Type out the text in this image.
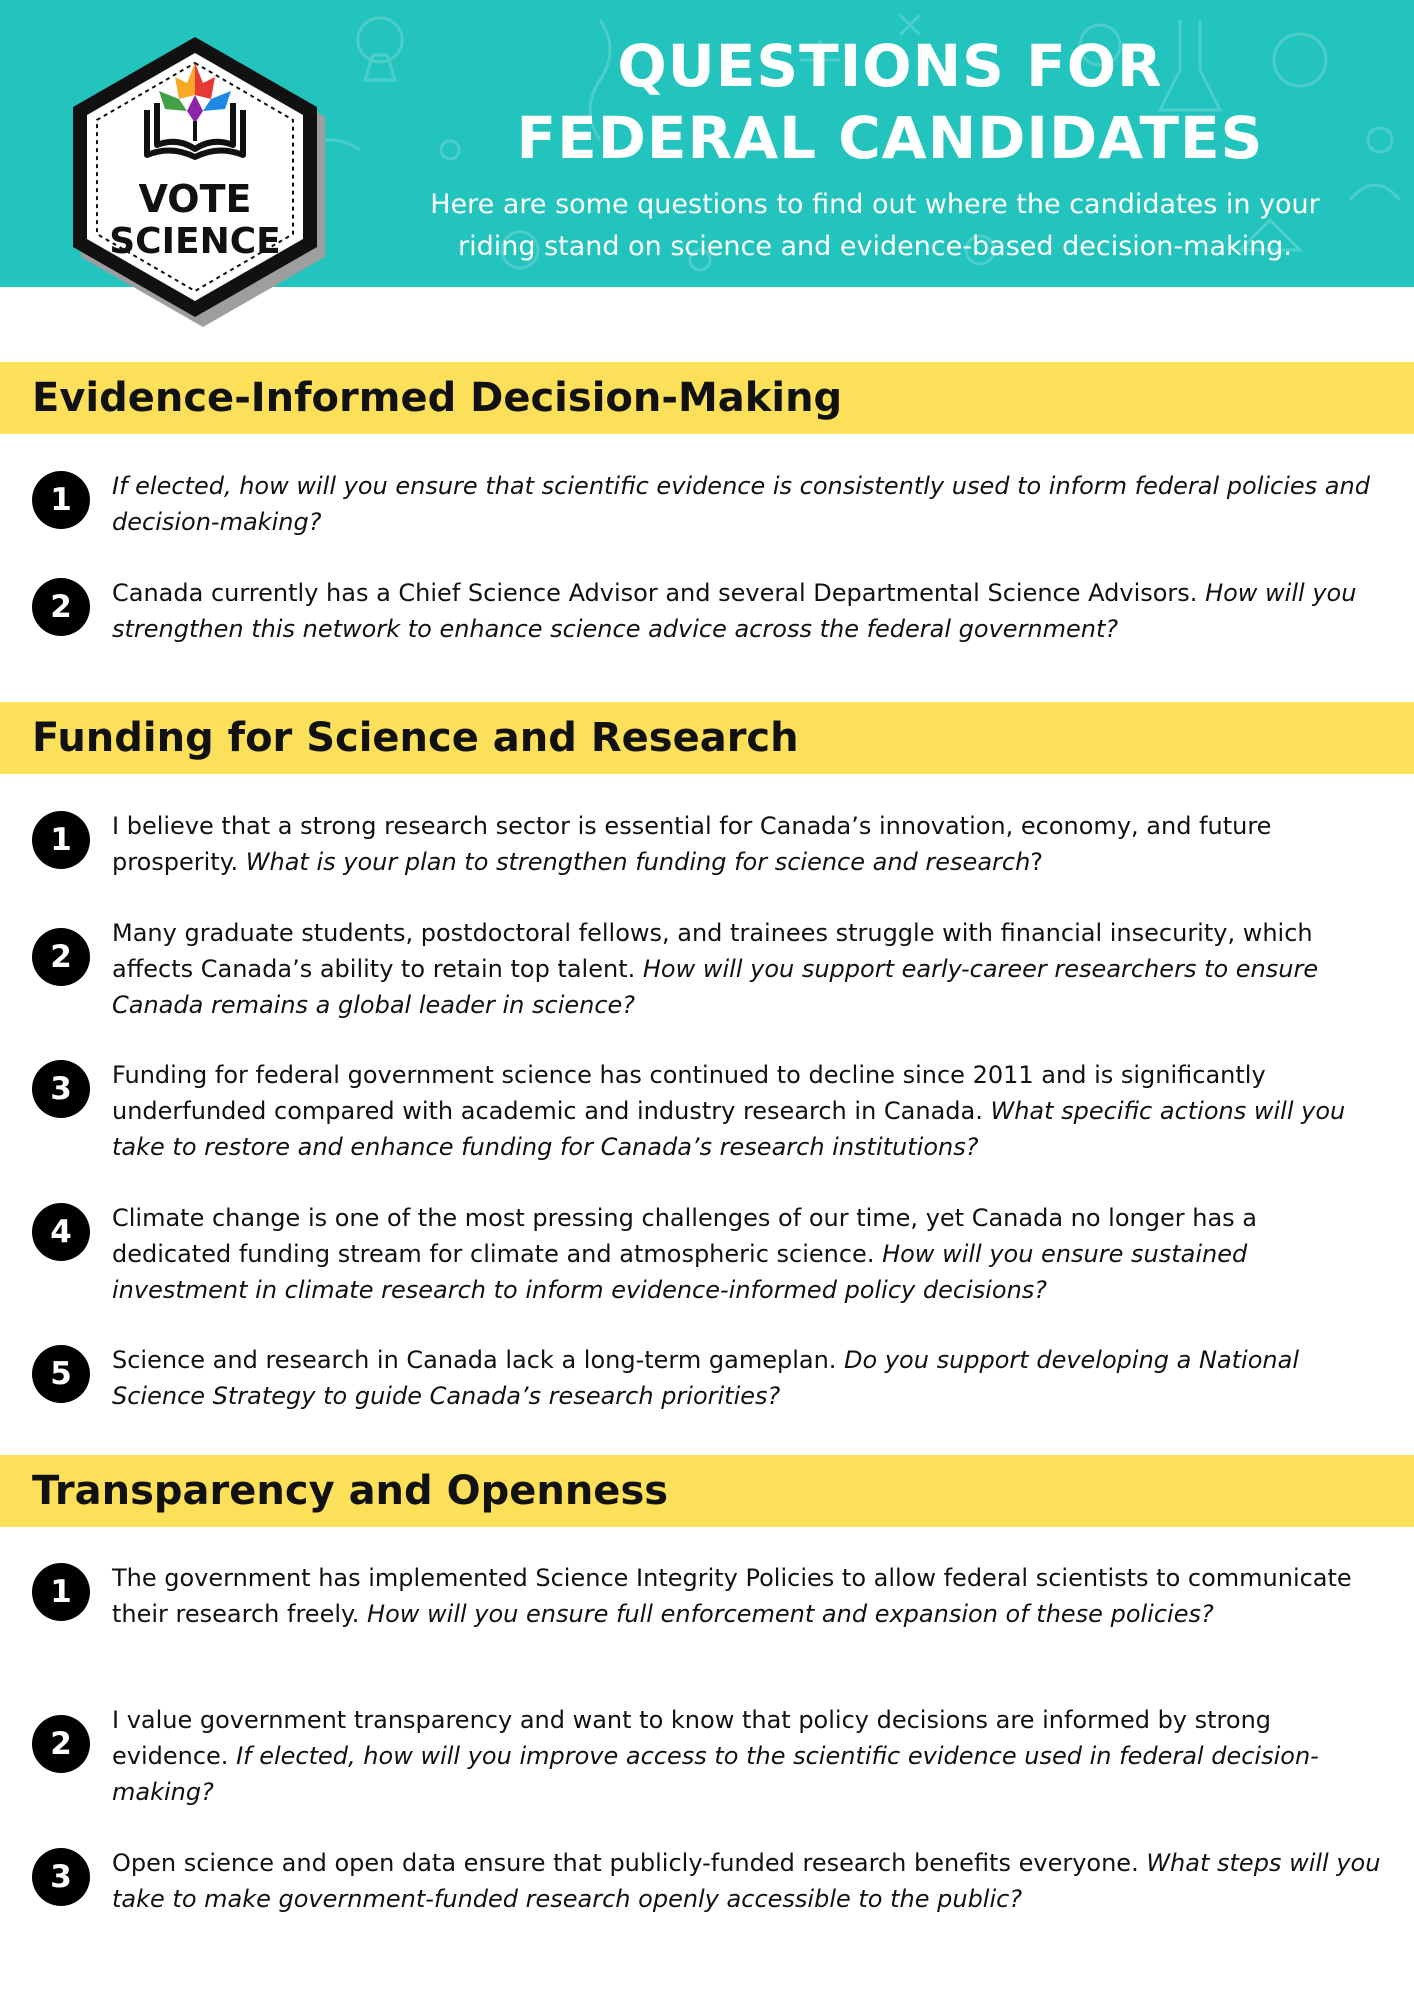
QUESTIONS FOR
FEDERAL CANDIDATES
Here are some questions to find out where the candidates in your
riding stand on science and evidence-based decision-making.
VOTE
SCIENCE
Evidence-Informed Decision-Making
1	If elected, how will you ensure that scientific evidence is consistently used to inform federal policies and decision-making?
2	Canada currently has a Chief Science Advisor and several Departmental Science Advisors. How will you strengthen this network to enhance science advice across the federal government?
Funding for Science and Research
1	I believe that a strong research sector is essential for Canada’s innovation, economy, and future prosperity. What is your plan to strengthen funding for science and research?
2
Many graduate students, postdoctoral fellows, and trainees struggle with financial insecurity, which affects Canada’s ability to retain top talent. How will you support early-career researchers to ensure Canada remains a global leader in science?
3	Funding for federal government science has continued to decline since 2011 and is significantly underfunded compared with academic and industry research in Canada. What specific actions will you take to restore and enhance funding for Canada’s research institutions?
4	Climate change is one of the most pressing challenges of our time, yet Canada no longer has a dedicated funding stream for climate and atmospheric science. How will you ensure sustained investment in climate research to inform evidence-informed policy decisions?
5	Science and research in Canada lack a long-term gameplan. Do you support developing a National Science Strategy to guide Canada’s research priorities?
Transparency and Openness
1	The government has implemented Science Integrity Policies to allow federal scientists to communicate their research freely. How will you ensure full enforcement and expansion of these policies?
2
I value government transparency and want to know that policy decisions are informed by strong evidence. If elected, how will you improve access to the scientific evidence used in federal decision-making?
3	Open science and open data ensure that publicly-funded research benefits everyone. What steps will you take to make government-funded research openly accessible to the public?
